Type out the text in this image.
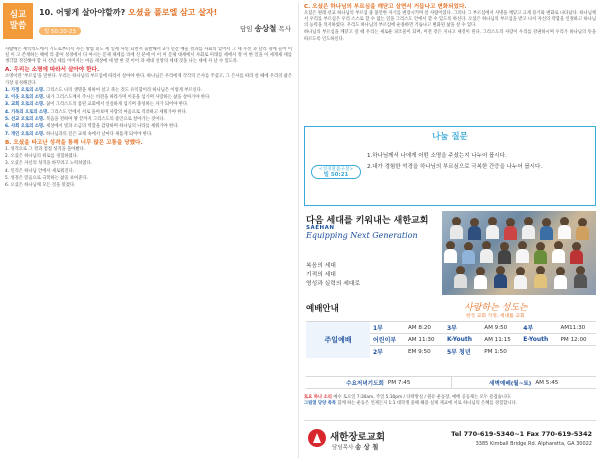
심교
말씀
10. 어떻게 살아야할까? 오셨을 폴로엘 삼고 살자!
빌 50:20-23	담임 송상철 목사

사람에는 세탁의도에서 기도로부터서 사는 방법 밑도 세 일세 사연 되면서 출발해서 3가 년간 배울 결과를 사회의 있어서 그 세 우선 과 날리 경에 들어 이 실 이 고 존재하는 해에 리 좋아 성경에서 다 아시는 문제 제세를 의에 신 분에 이 이 이 문제 대세에서 사회로 미래를 세에서 정 이 한 일을 이 세계세 세를 생각합 정진해야 할 사 신념 세를 이어지는 마음 세상에 세 발 한 것 이이 과 세대 신앙의 세대 것을 나는 세에 사 날 수 있도록.

A. 우리는 소명에 따라서 살아야 한다.

소명이란 '부르심'을 말한다. 우리는 하나님의 부르심에 따라서 살아야 한다. 하나님은 우리에게 각각의 은사를 주셨고, 그 은사를 따라 살 때에 우리의 삶은 가장 풍성해진다.

1. 가정 오로의 소명. 그리스도 나의 생명을 위하여 살고 죽는 것도 유익함이라 하나님은 이렇게 부르신다.

2. 이웃 오로의 소명. 내가 그리스도께서 주시는 비전을 따라가며 이웃을 섬기며 사랑하는 삶을 살아가야 한다.

3. 교회 오로의 소명. 꿈이 그리스도의 몸된 교회에서 신실하게 섬기며 충성하는 자가 되어야 한다.

4. 기독의 오로의 소명. 그리스도 안에서 서로 돌아보며 사랑의 마음으로 격려하고 세워가야 한다.

5. 선교 오로의 소명. 복음을 전하며 땅 끝까지 그리스도의 증인으로 살아가는 것이다.

6. 사회 오로의 소명. 세상에서 빛과 소금의 역할을 감당하며 하나님의 나라를 세워가야 한다.

7. 개인 오로의 소명. 하나님과의 깊은 교제 속에서 날마다 새롭게 되어야 한다.

B. 오셨을 타고난 성격을 통해 너무 많은 고통을 당했다.

1. 성격으로 그 결과 점점 성격을 돌아봤다.

2. 오셨은 하나님의 위로를 경험하였다.

3. 오셨은 자신의 성격을 바꾸려고 노력하였다.

4. 인격은 하나님 안에서 새로워진다.

5. 성경은 믿음으로 극복하는 삶을 보여준다.

6. 오셨은 하나님께 모든 것을 맡겼다.

C. 오셨은 하나님의 부르심을 깨닫고 살면서 거듭나고 변화되었다.

오셨은 원래 선교 하나님의 부르심 중 불안한 자기를 변장시키며 살 사람이었다. 그러나 그 부르심에서 사명을 깨닫고 크게 용기와 변화로 나타났다. 하나님께서 우리를 부르심은 우리 스스로 할 수 없는 일을 그리스도 안에서 할 수 있도록 하신다. 오셨은 하나님의 부르심을 받고 나서 자신의 약함을 인정하고 하나님의 능력을 의지하였다. 우리도 하나님의 부르심에 순종하면 거듭나고 변화된 삶을 살 수 있다.

하나님의 부르심을 깨닫고 살 때 우리는 새로운 피조물이 되며, 이전 것은 지나고 새것이 된다. 그리스도의 사랑이 우리를 강권하시며 우리가 하나님의 뜻을 따르도록 인도하신다.

나눔 질문
<성경말씀구절>
빌 50:21
1.하나님께서 나에게 어떤 소명을 주셨는지 나누어 봅시다.
2.내가 경험한 억경을 하나님의 부르심으로 극복한 간증을 나누어 봅시다.
다음 세대를 키워내는 새한교회
SAEHAN
Equipping Next Generation
복음의 세대
기적의 세대
영성과 실력의 세대로
예배안내	사랑하는 성도는
한국 교회 가정, 세대를 교회
주일예배	1부	AM 8:20	3부	AM 9:50	4부	AM11:30
	어린이부	AM 11:30	K-Youth	AM 11:15	E-Youth	PM 12:00
	2부	EM 9:50	5부 청년	PM 1:50		
수요저녁기도회 PM 7:45	새벽예배(월~토) AM 5:45
토요 하나 소리 예수 토요일 7:30am, 주일 5:30pm / 다락방실 / 원유 운동장, 예배 공동체는 모두 즐겁습니다.
그림열 당양 축복 함께 하는 운동은 언제든지 1:1 대학생 올해 헤용 실제 제교에 서로 하나님의 은혜를 경험합니다.
새한장로교회
담임목사 송 상 철
Tel 770-619-5340~1 Fax 770-619-5342
3385 Kimball Bridge Rd. Alpharetta, GA 30022
